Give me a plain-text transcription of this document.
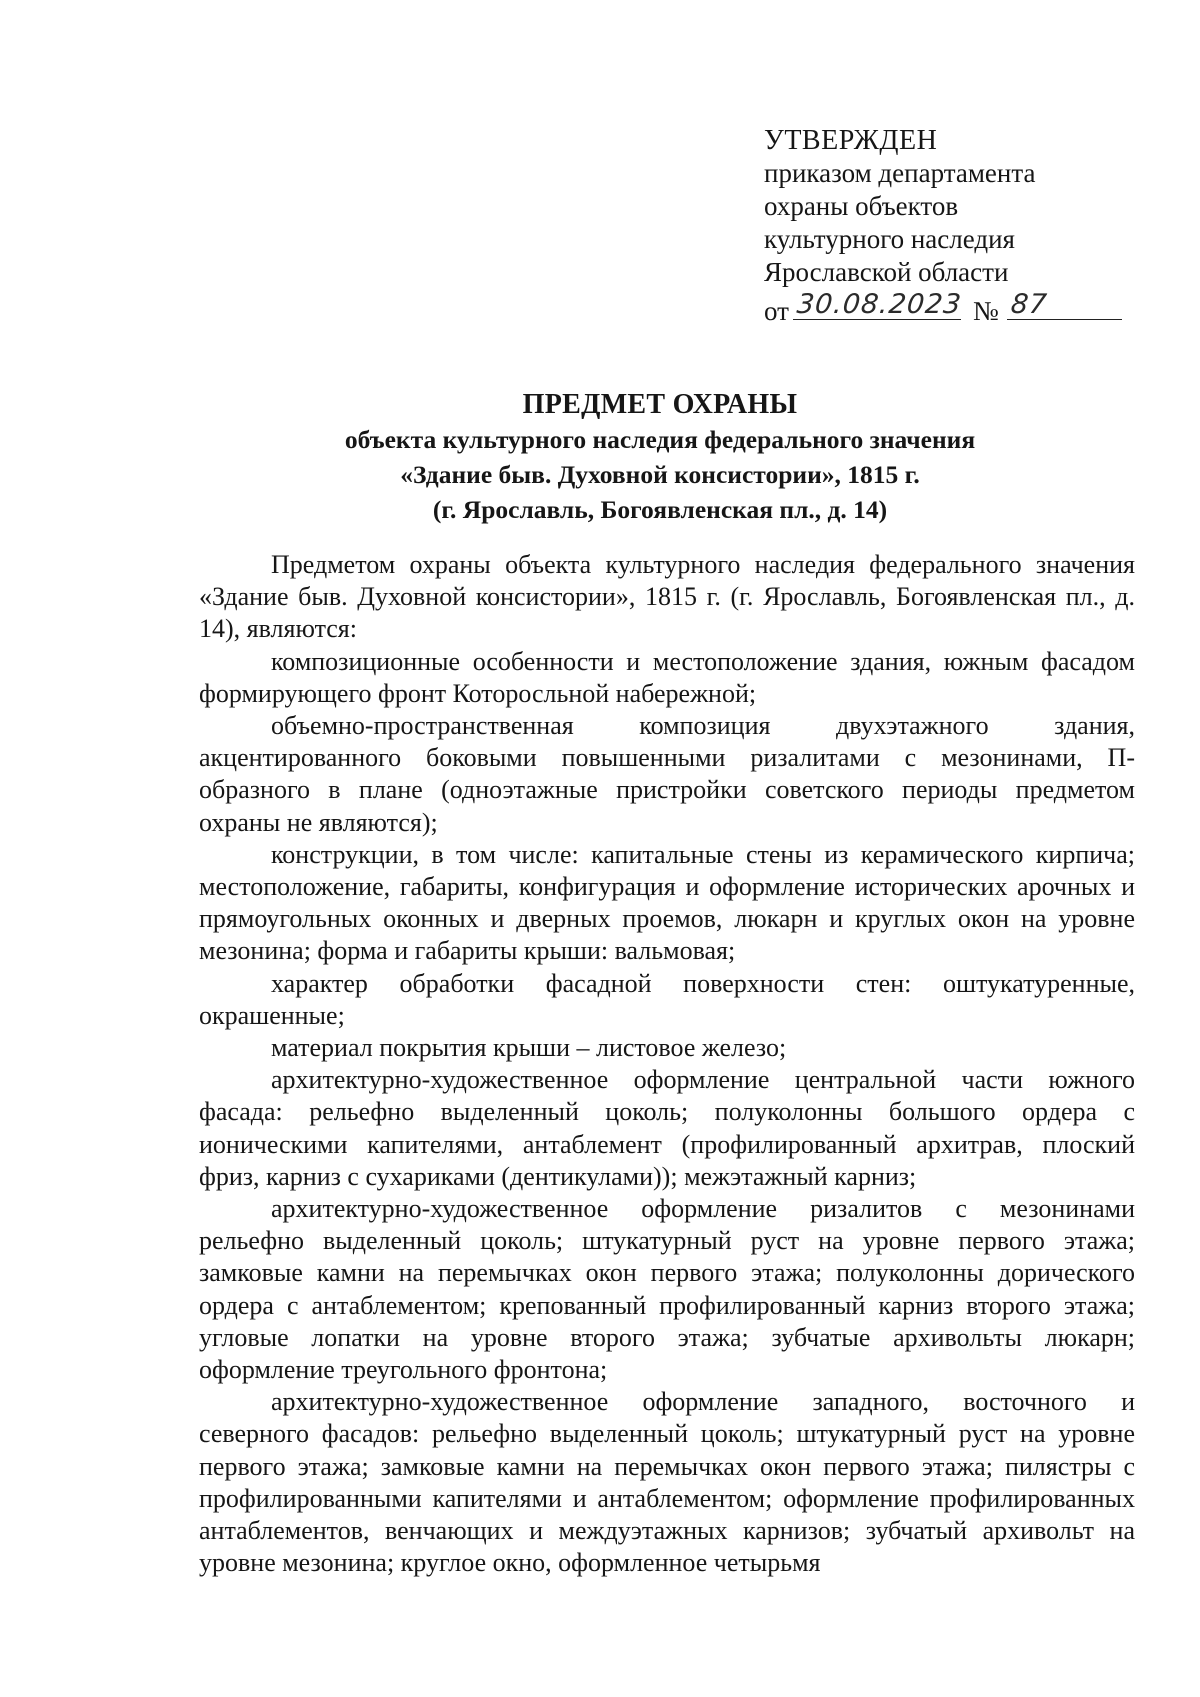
УТВЕРЖДЕН
приказом департамента
охраны объектов
культурного наследия
Ярославской области
от 30.08.2023 № 87
ПРЕДМЕТ ОХРАНЫ
объекта культурного наследия федерального значения
«Здание быв. Духовной консистории», 1815 г.
(г. Ярославль, Богоявленская пл., д. 14)

Предметом охраны объекта культурного наследия федерального значения «Здание быв. Духовной консистории», 1815 г. (г. Ярославль, Богоявленская пл., д. 14), являются:

композиционные особенности и местоположение здания, южным фасадом формирующего фронт Которосльной набережной;

объемно-пространственная композиция двухэтажного здания, акцентированного боковыми повышенными ризалитами с мезонинами, П- образного в плане (одноэтажные пристройки советского периоды предметом охраны не являются);

конструкции, в том числе: капитальные стены из керамического кирпича; местоположение, габариты, конфигурация и оформление исторических арочных и прямоугольных оконных и дверных проемов, люкарн и круглых окон на уровне мезонина; форма и габариты крыши: вальмовая;

характер обработки фасадной поверхности стен: оштукатуренные, окрашенные;

материал покрытия крыши – листовое железо;

архитектурно-художественное оформление центральной части южного фасада: рельефно выделенный цоколь; полуколонны большого ордера с ионическими капителями, антаблемент (профилированный архитрав, плоский фриз, карниз с сухариками (дентикулами)); межэтажный карниз;

архитектурно-художественное оформление ризалитов с мезонинами рельефно выделенный цоколь; штукатурный руст на уровне первого этажа; замковые камни на перемычках окон первого этажа; полуколонны дорического ордера с антаблементом; крепованный профилированный карниз второго этажа; угловые лопатки на уровне второго этажа; зубчатые архивольты люкарн; оформление треугольного фронтона;

архитектурно-художественное оформление западного, восточного и северного фасадов: рельефно выделенный цоколь; штукатурный руст на уровне первого этажа; замковые камни на перемычках окон первого этажа; пилястры с профилированными капителями и антаблементом; оформление профилированных антаблементов, венчающих и междуэтажных карнизов; зубчатый архивольт на уровне мезонина; круглое окно, оформленное четырьмя
